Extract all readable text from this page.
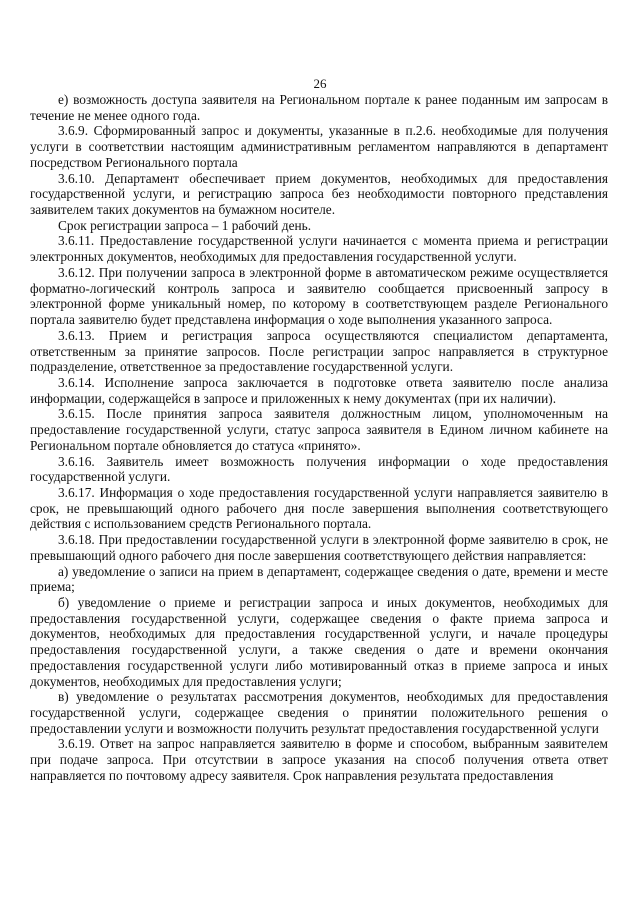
26

е) возможность доступа заявителя на Региональном портале к ранее поданным им запросам в течение не менее одного года.

3.6.9. Сформированный запрос и документы, указанные в п.2.6. необходимые для получения услуги в соответствии настоящим административным регламентом направляются в департамент посредством Регионального портала

3.6.10. Департамент обеспечивает прием документов, необходимых для предоставления государственной услуги, и регистрацию запроса без необходимости повторного представления заявителем таких документов на бумажном носителе.

Срок регистрации запроса – 1 рабочий день.

3.6.11. Предоставление государственной услуги начинается с момента приема и регистрации электронных документов, необходимых для предоставления государственной услуги.

3.6.12. При получении запроса в электронной форме в автоматическом режиме осуществляется форматно-логический контроль запроса и заявителю сообщается присвоенный запросу в электронной форме уникальный номер, по которому в соответствующем разделе Регионального портала заявителю будет представлена информация о ходе выполнения указанного запроса.

3.6.13. Прием и регистрация запроса осуществляются специалистом департамента, ответственным за принятие запросов. После регистрации запрос направляется в структурное подразделение, ответственное за предоставление государственной услуги.

3.6.14. Исполнение запроса заключается в подготовке ответа заявителю после анализа информации, содержащейся в запросе и приложенных к нему документах (при их наличии).

3.6.15. После принятия запроса заявителя должностным лицом, уполномоченным на предоставление государственной услуги, статус запроса заявителя в Едином личном кабинете на Региональном портале обновляется до статуса «принято».

3.6.16. Заявитель имеет возможность получения информации о ходе предоставления государственной услуги.

3.6.17. Информация о ходе предоставления государственной услуги направляется заявителю в срок, не превышающий одного рабочего дня после завершения выполнения соответствующего действия с использованием средств Регионального портала.

3.6.18. При предоставлении государственной услуги в электронной форме заявителю в срок, не превышающий одного рабочего дня после завершения соответствующего действия направляется:

а) уведомление о записи на прием в департамент, содержащее сведения о дате, времени и месте приема;

б) уведомление о приеме и регистрации запроса и иных документов, необходимых для предоставления государственной услуги, содержащее сведения о факте приема запроса и документов, необходимых для предоставления государственной услуги, и начале процедуры предоставления государственной услуги, а также сведения о дате и времени окончания предоставления государственной услуги либо мотивированный отказ в приеме запроса и иных документов, необходимых для предоставления услуги;

в) уведомление о результатах рассмотрения документов, необходимых для предоставления государственной услуги, содержащее сведения о принятии положительного решения о предоставлении услуги и возможности получить результат предоставления государственной услуги

3.6.19. Ответ на запрос направляется заявителю в форме и способом, выбранным заявителем при подаче запроса. При отсутствии в запросе указания на способ получения ответа ответ направляется по почтовому адресу заявителя. Срок направления результата предоставления
